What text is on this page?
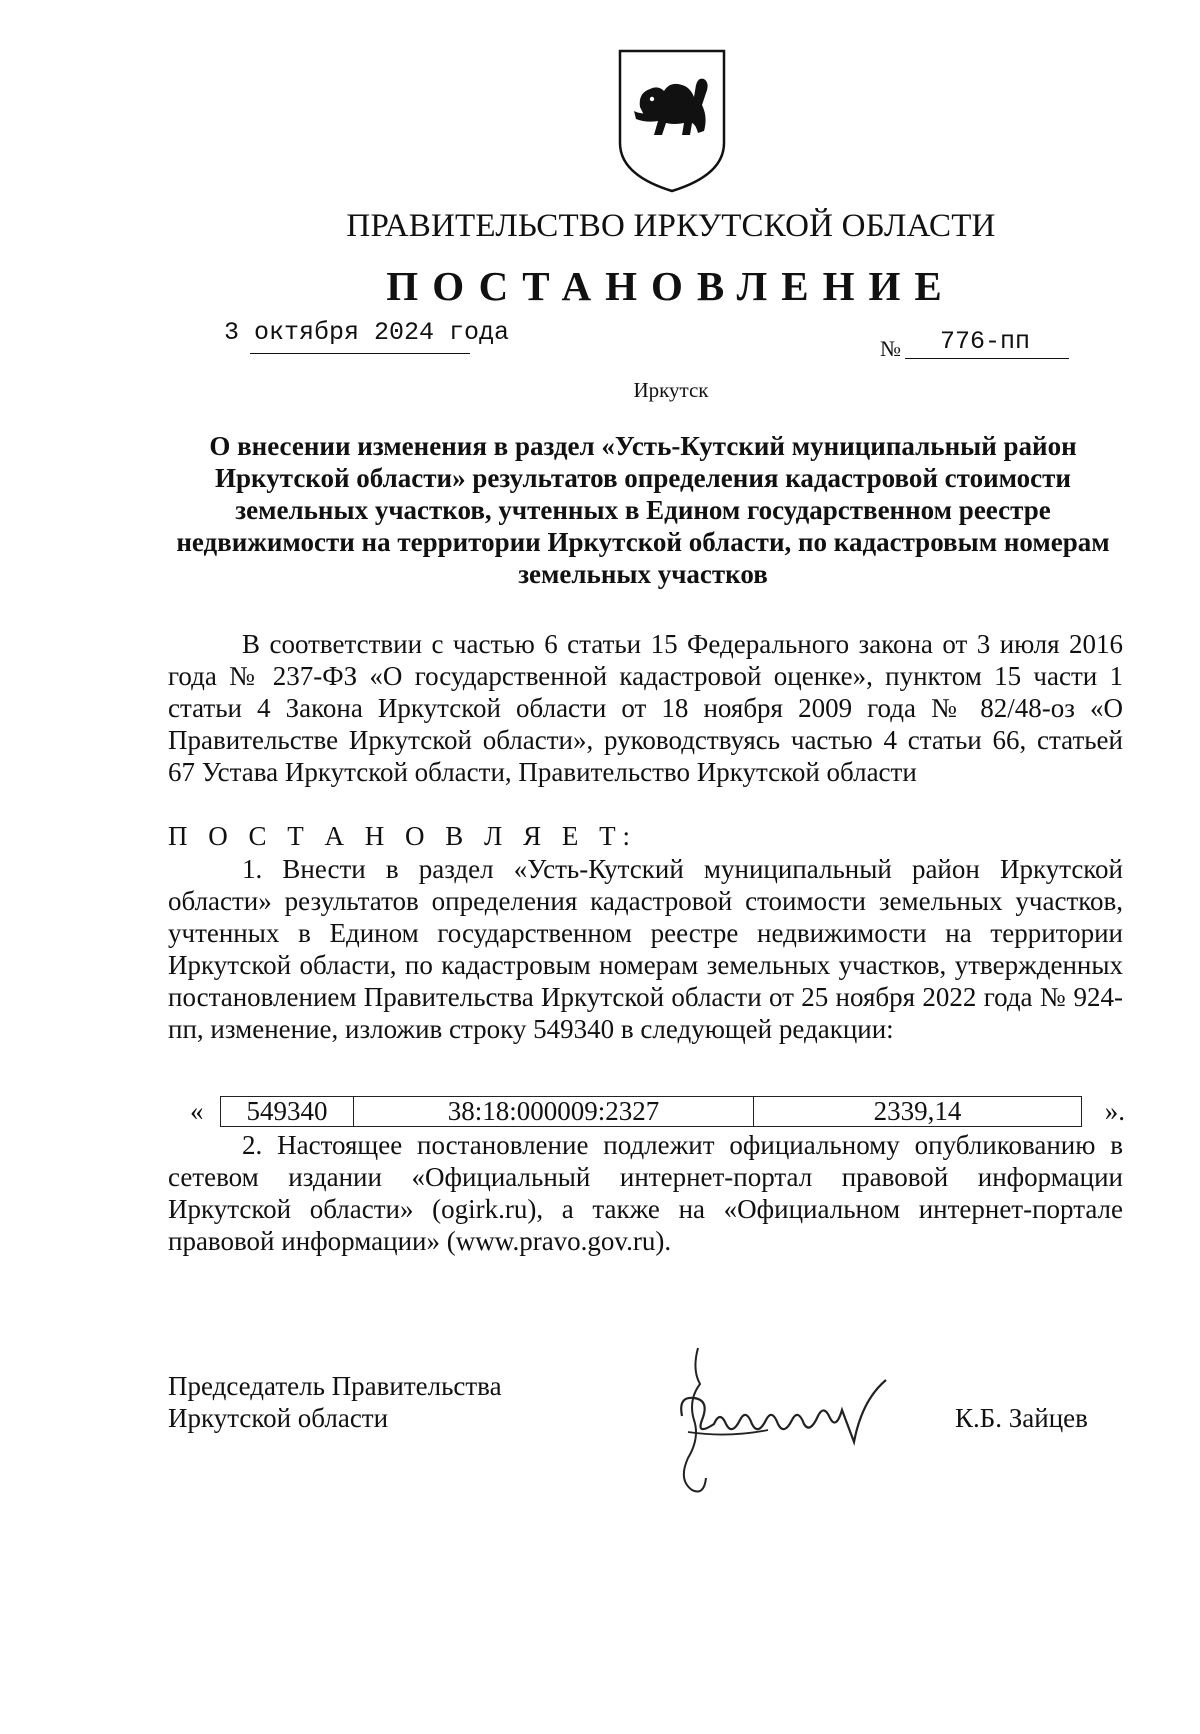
ПРАВИТЕЛЬСТВО ИРКУТСКОЙ ОБЛАСТИ
ПОСТАНОВЛЕНИЕ
3 октября 2024 года
№ 776-пп
Иркутск
О внесении изменения в раздел «Усть-Кутский муниципальный район Иркутской области» результатов определения кадастровой стоимости земельных участков, учтенных в Едином государственном реестре недвижимости на территории Иркутской области, по кадастровым номерам земельных участков
В соответствии с частью 6 статьи 15 Федерального закона от 3 июля 2016 года № 237-ФЗ «О государственной кадастровой оценке», пунктом 15 части 1 статьи 4 Закона Иркутской области от 18 ноября 2009 года № 82/48-оз «О Правительстве Иркутской области», руководствуясь частью 4 статьи 66, статьей 67 Устава Иркутской области, Правительство Иркутской области
П О С Т А Н О В Л Я Е Т:
1. Внести в раздел «Усть-Кутский муниципальный район Иркутской области» результатов определения кадастровой стоимости земельных участков, учтенных в Едином государственном реестре недвижимости на территории Иркутской области, по кадастровым номерам земельных участков, утвержденных постановлением Правительства Иркутской области от 25 ноября 2022 года № 924-пп, изменение, изложив строку 549340 в следующей редакции:
«	549340	38:18:000009:2327	2339,14	».
2. Настоящее постановление подлежит официальному опубликованию в сетевом издании «Официальный интернет-портал правовой информации Иркутской области» (ogirk.ru), а также на «Официальном интернет-портале правовой информации» (www.pravo.gov.ru).
Председатель Правительства
Иркутской области	К.Б. Зайцев
